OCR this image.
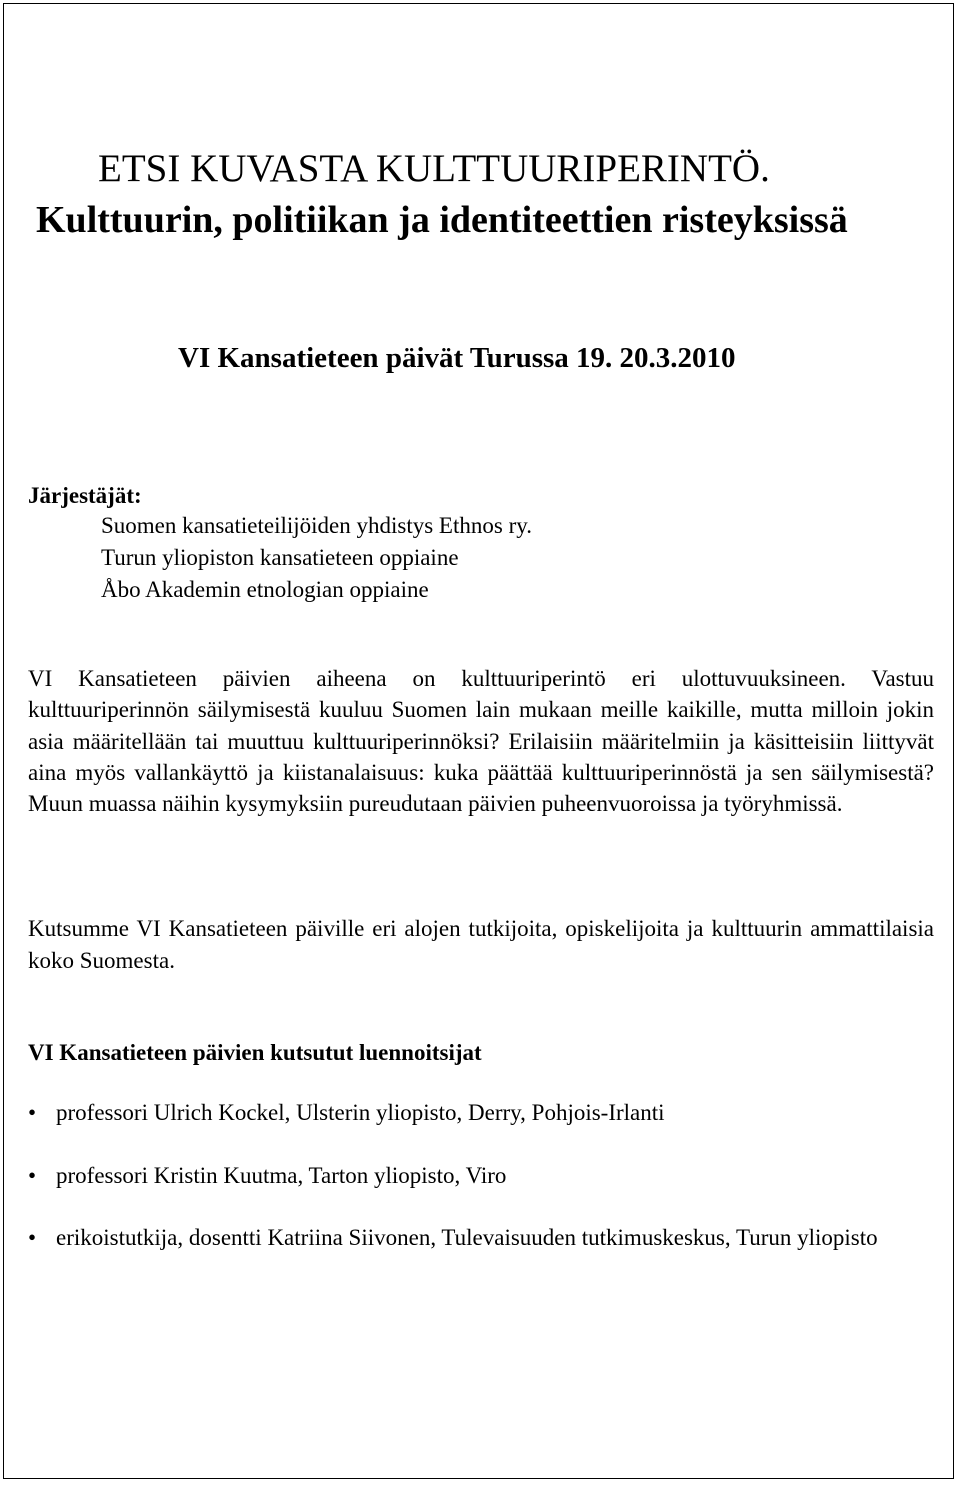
ETSI KUVASTA KULTTUURIPERINTÖ.
Kulttuurin, politiikan ja identiteettien risteyksissä
VI Kansatieteen päivät Turussa 19. 20.3.2010
Järjestäjät:
Suomen kansatieteilijöiden yhdistys Ethnos ry.
Turun yliopiston kansatieteen oppiaine
Åbo Akademin etnologian oppiaine

VI Kansatieteen päivien aiheena on kulttuuriperintö eri ulottuvuuksineen. Vastuu kulttuuriperinnön säilymisestä kuuluu Suomen lain mukaan meille kaikille, mutta milloin jokin asia määritellään tai muuttuu kulttuuriperinnöksi? Erilaisiin määritelmiin ja käsitteisiin liittyvät aina myös vallankäyttö ja kiistanalaisuus: kuka päättää kulttuuriperinnöstä ja sen säilymisestä? Muun muassa näihin kysymyksiin pureudutaan päivien puheenvuoroissa ja työryhmissä.

Kutsumme VI Kansatieteen päiville eri alojen tutkijoita, opiskelijoita ja kulttuurin ammattilaisia koko Suomesta.

VI Kansatieteen päivien kutsutut luennoitsijat
• professori Ulrich Kockel, Ulsterin yliopisto, Derry, Pohjois-Irlanti
• professori Kristin Kuutma, Tarton yliopisto, Viro
• erikoistutkija, dosentti Katriina Siivonen, Tulevaisuuden tutkimuskeskus, Turun yliopisto
